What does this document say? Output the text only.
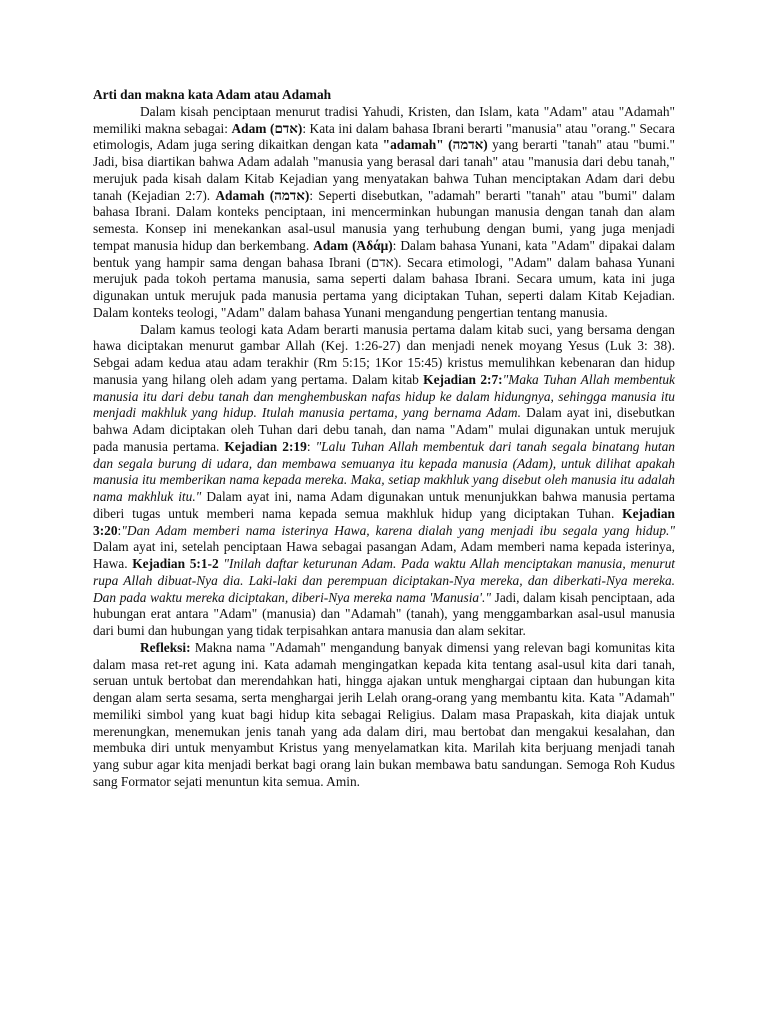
Arti dan makna kata Adam atau Adamah

Dalam kisah penciptaan menurut tradisi Yahudi, Kristen, dan Islam, kata "Adam" atau "Adamah" memiliki makna sebagai: Adam (אדם): Kata ini dalam bahasa Ibrani berarti "manusia" atau "orang." Secara etimologis, Adam juga sering dikaitkan dengan kata "adamah" (אדמה) yang berarti "tanah" atau "bumi." Jadi, bisa diartikan bahwa Adam adalah "manusia yang berasal dari tanah" atau "manusia dari debu tanah," merujuk pada kisah dalam Kitab Kejadian yang menyatakan bahwa Tuhan menciptakan Adam dari debu tanah (Kejadian 2:7). Adamah (אדמה): Seperti disebutkan, "adamah" berarti "tanah" atau "bumi" dalam bahasa Ibrani. Dalam konteks penciptaan, ini mencerminkan hubungan manusia dengan tanah dan alam semesta. Konsep ini menekankan asal-usul manusia yang terhubung dengan bumi, yang juga menjadi tempat manusia hidup dan berkembang. Adam (Ἀδάμ): Dalam bahasa Yunani, kata "Adam" dipakai dalam bentuk yang hampir sama dengan bahasa Ibrani (אדם). Secara etimologi, "Adam" dalam bahasa Yunani merujuk pada tokoh pertama manusia, sama seperti dalam bahasa Ibrani. Secara umum, kata ini juga digunakan untuk merujuk pada manusia pertama yang diciptakan Tuhan, seperti dalam Kitab Kejadian. Dalam konteks teologi, "Adam" dalam bahasa Yunani mengandung pengertian tentang manusia.

Dalam kamus teologi kata Adam berarti manusia pertama dalam kitab suci, yang bersama dengan hawa diciptakan menurut gambar Allah (Kej. 1:26-27) dan menjadi nenek moyang Yesus (Luk 3: 38). Sebgai adam kedua atau adam terakhir (Rm 5:15; 1Kor 15:45) kristus memulihkan kebenaran dan hidup manusia yang hilang oleh adam yang pertama. Dalam kitab Kejadian 2:7:"Maka Tuhan Allah membentuk manusia itu dari debu tanah dan menghembuskan nafas hidup ke dalam hidungnya, sehingga manusia itu menjadi makhluk yang hidup. Itulah manusia pertama, yang bernama Adam. Dalam ayat ini, disebutkan bahwa Adam diciptakan oleh Tuhan dari debu tanah, dan nama "Adam" mulai digunakan untuk merujuk pada manusia pertama. Kejadian 2:19: "Lalu Tuhan Allah membentuk dari tanah segala binatang hutan dan segala burung di udara, dan membawa semuanya itu kepada manusia (Adam), untuk dilihat apakah manusia itu memberikan nama kepada mereka. Maka, setiap makhluk yang disebut oleh manusia itu adalah nama makhluk itu." Dalam ayat ini, nama Adam digunakan untuk menunjukkan bahwa manusia pertama diberi tugas untuk memberi nama kepada semua makhluk hidup yang diciptakan Tuhan. Kejadian 3:20:"Dan Adam memberi nama isterinya Hawa, karena dialah yang menjadi ibu segala yang hidup." Dalam ayat ini, setelah penciptaan Hawa sebagai pasangan Adam, Adam memberi nama kepada isterinya, Hawa. Kejadian 5:1-2 "Inilah daftar keturunan Adam. Pada waktu Allah menciptakan manusia, menurut rupa Allah dibuat-Nya dia. Laki-laki dan perempuan diciptakan-Nya mereka, dan diberkati-Nya mereka. Dan pada waktu mereka diciptakan, diberi-Nya mereka nama 'Manusia'." Jadi, dalam kisah penciptaan, ada hubungan erat antara "Adam" (manusia) dan "Adamah" (tanah), yang menggambarkan asal-usul manusia dari bumi dan hubungan yang tidak terpisahkan antara manusia dan alam sekitar.

Refleksi: Makna nama "Adamah" mengandung banyak dimensi yang relevan bagi komunitas kita dalam masa ret-ret agung ini. Kata adamah mengingatkan kepada kita tentang asal-usul kita dari tanah, seruan untuk bertobat dan merendahkan hati, hingga ajakan untuk menghargai ciptaan dan hubungan kita dengan alam serta sesama, serta menghargai jerih Lelah orang-orang yang membantu kita. Kata "Adamah" memiliki simbol yang kuat bagi hidup kita sebagai Religius. Dalam masa Prapaskah, kita diajak untuk merenungkan, menemukan jenis tanah yang ada dalam diri, mau bertobat dan mengakui kesalahan, dan membuka diri untuk menyambut Kristus yang menyelamatkan kita. Marilah kita berjuang menjadi tanah yang subur agar kita menjadi berkat bagi orang lain bukan membawa batu sandungan. Semoga Roh Kudus sang Formator sejati menuntun kita semua. Amin.
